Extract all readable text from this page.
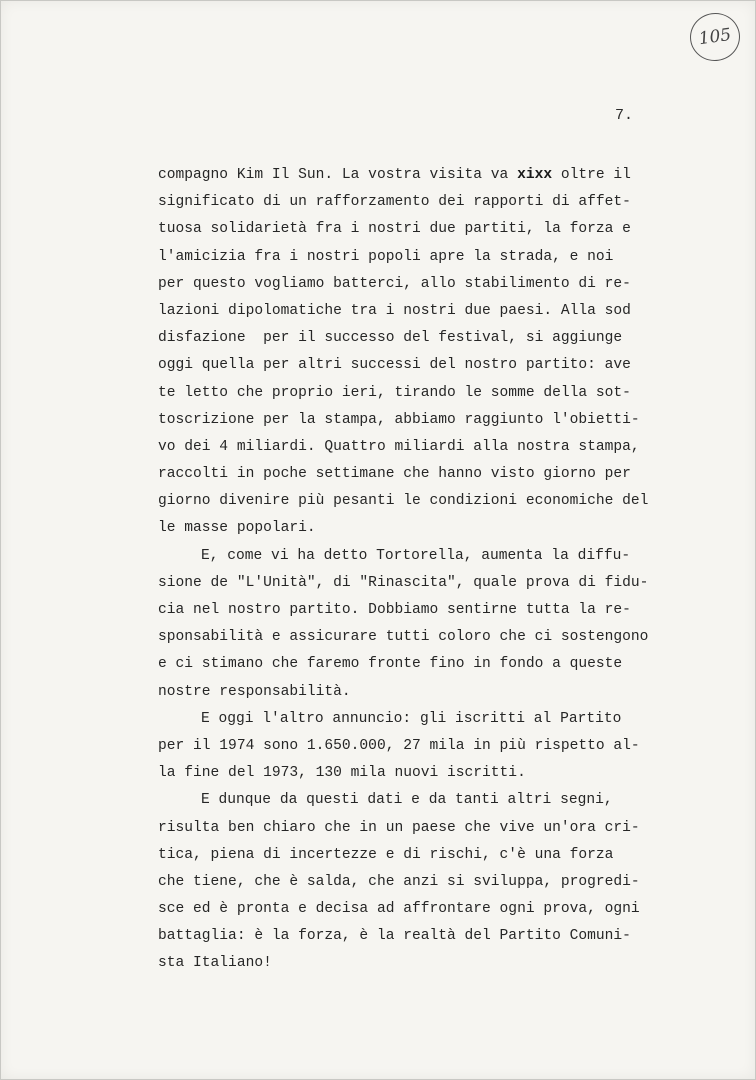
105
7.
compagno Kim Il Sun. La vostra visita va xixx oltre il
significato di un rafforzamento dei rapporti di affet-
tuosa solidarietà fra i nostri due partiti, la forza e
l'amicizia fra i nostri popoli apre la strada, e noi
per questo vogliamo batterci, allo stabilimento di re-
lazioni dipolomatiche tra i nostri due paesi. Alla sod
disfazione  per il successo del festival, si aggiunge
oggi quella per altri successi del nostro partito: ave
te letto che proprio ieri, tirando le somme della sot-
toscrizione per la stampa, abbiamo raggiunto l'obietti-
vo dei 4 miliardi. Quattro miliardi alla nostra stampa,
raccolti in poche settimane che hanno visto giorno per
giorno divenire più pesanti le condizioni economiche del
le masse popolari.
E, come vi ha detto Tortorella, aumenta la diffu-
sione de "L'Unità", di "Rinascita", quale prova di fidu-
cia nel nostro partito. Dobbiamo sentirne tutta la re-
sponsabilità e assicurare tutti coloro che ci sostengono
e ci stimano che faremo fronte fino in fondo a queste
nostre responsabilità.
E oggi l'altro annuncio: gli iscritti al Partito
per il 1974 sono 1.650.000, 27 mila in più rispetto al-
la fine del 1973, 130 mila nuovi iscritti.
E dunque da questi dati e da tanti altri segni,
risulta ben chiaro che in un paese che vive un'ora cri-
tica, piena di incertezze e di rischi, c'è una forza
che tiene, che è salda, che anzi si sviluppa, progredi-
sce ed è pronta e decisa ad affrontare ogni prova, ogni
battaglia: è la forza, è la realtà del Partito Comuni-
sta Italiano!
